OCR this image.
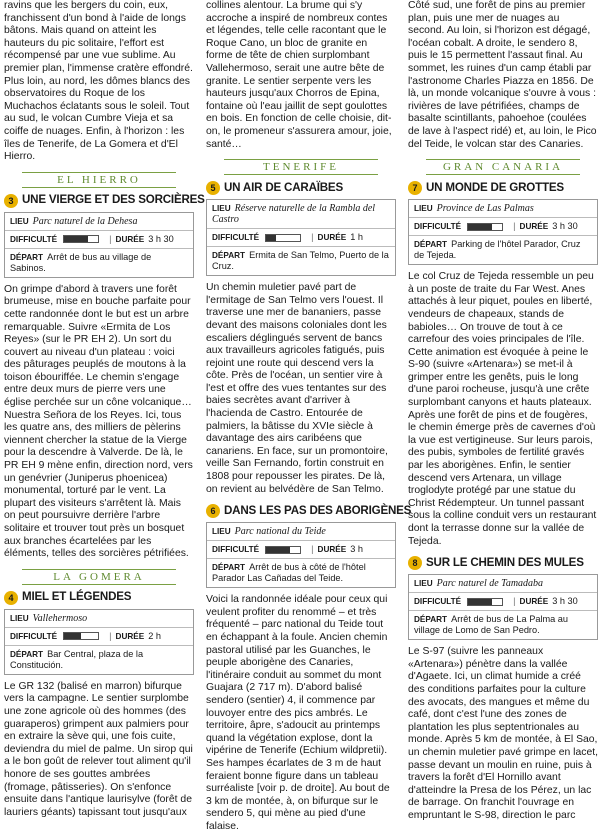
ravins que les bergers du coin, eux, franchissent d'un bond à l'aide de longs bâtons. Mais quand on atteint les hauteurs du pic solitaire, l'effort est récompensé par une vue sublime. Au premier plan, l'immense cratère effondré. Plus loin, au nord, les dômes blancs des observatoires du Roque de los Muchachos éclatants sous le soleil. Tout au sud, le volcan Cumbre Vieja et sa coiffe de nuages. Enfin, à l'horizon : les îles de Tenerife, de La Gomera et d'El Hierro.

EL HIERRO
3 UNE VIERGE ET DES SORCIÈRES
LIEU Parc naturel de la Dehesa
DIFFICULTÉ	| DURÉE 3 h 30
DÉPART Arrêt de bus au village de Sabinos.

On grimpe d'abord à travers une forêt brumeuse, mise en bouche parfaite pour cette randonnée dont le but est un arbre remarquable. Suivre «Ermita de Los Reyes» (sur le PR EH 2). Un sort du couvert au niveau d'un plateau : voici des pâturages peuplés de moutons à la toison ébouriffée. Le chemin s'engage entre deux murs de pierre vers une église perchée sur un cône volcanique… Nuestra Señora de los Reyes. Ici, tous les quatre ans, des milliers de pèlerins viennent chercher la statue de la Vierge pour la descendre à Valverde. De là, le PR EH 9 mène enfin, direction nord, vers un genévrier (Juniperus phoenicea) monumental, torturé par le vent. La plupart des visiteurs s'arrêtent là. Mais on peut poursuivre derrière l'arbre solitaire et trouver tout près un bosquet aux branches écartelées par les éléments, telles des sorcières pétrifiées.

LA GOMERA
4 MIEL ET LÉGENDES
LIEU Vallehermoso
DIFFICULTÉ	| DURÉE 2 h
DÉPART Bar Central, plaza de la Constitución.

Le GR 132 (balisé en marron) bifurque vers la campagne. Le sentier surplombe une zone agricole où des hommes (des guaraperos) grimpent aux palmiers pour en extraire la sève qui, une fois cuite, deviendra du miel de palme. Un sirop qui a le bon goût de relever tout aliment qu'il honore de ses gouttes ambrées (fromage, pâtisseries). On s'enfonce ensuite dans l'antique laurisylve (forêt de lauriers géants) tapissant tout jusqu'aux

collines alentour. La brume qui s'y accroche a inspiré de nombreux contes et légendes, telle celle racontant que le Roque Cano, un bloc de granite en forme de tête de chien surplombant Vallehermoso, serait une autre bête de granite. Le sentier serpente vers les hauteurs jusqu'aux Chorros de Epina, fontaine où l'eau jaillit de sept goulottes en bois. En fonction de celle choisie, dit-on, le promeneur s'assurera amour, joie, santé…

TENERIFE
5 UN AIR DE CARAÏBES
LIEU Réserve naturelle de la Rambla del Castro
DIFFICULTÉ	| DURÉE 1 h
DÉPART Ermita de San Telmo, Puerto de la Cruz.

Un chemin muletier pavé part de l'ermitage de San Telmo vers l'ouest. Il traverse une mer de bananiers, passe devant des maisons coloniales dont les escaliers déglingués servent de bancs aux travailleurs agricoles fatigués, puis rejoint une route qui descend vers la côte. Près de l'océan, un sentier vire à l'est et offre des vues tentantes sur des baies secrètes avant d'arriver à l'hacienda de Castro. Entourée de palmiers, la bâtisse du XVIe siècle à davantage des airs caribéens que canariens. En face, sur un promontoire, veille San Fernando, fortin construit en 1808 pour repousser les pirates. De là, on revient au belvédère de San Telmo.

6 DANS LES PAS DES ABORIGÈNES
LIEU Parc national du Teide
DIFFICULTÉ	| DURÉE 3 h
DÉPART Arrêt de bus à côté de l'hôtel Parador Las Cañadas del Teide.

Voici la randonnée idéale pour ceux qui veulent profiter du renommé – et très fréquenté – parc national du Teide tout en échappant à la foule. Ancien chemin pastoral utilisé par les Guanches, le peuple aborigène des Canaries, l'itinéraire conduit au sommet du mont Guajara (2 717 m). D'abord balisé sendero (sentier) 4, il commence par louvoyer entre des pics ambrés. Le territoire, âpre, s'adoucit au printemps quand la végétation explose, dont la vipérine de Tenerife (Echium wildpretii). Ses hampes écarlates de 3 m de haut feraient bonne figure dans un tableau surréaliste [voir p. de droite]. Au bout de 3 km de montée, à, on bifurque sur le sendero 5, qui mène au pied d'une falaise.

Côté sud, une forêt de pins au premier plan, puis une mer de nuages au second. Au loin, si l'horizon est dégagé, l'océan cobalt. A droite, le sendero 8, puis le 15 permettent l'assaut final. Au sommet, les ruines d'un camp établi par l'astronome Charles Piazza en 1856. De là, un monde volcanique s'ouvre à vous : rivières de lave pétrifiées, champs de basalte scintillants, pahoehoe (coulées de lave à l'aspect ridé) et, au loin, le Pico del Teide, le volcan star des Canaries.

GRAN CANARIA
7 UN MONDE DE GROTTES
LIEU Province de Las Palmas
DIFFICULTÉ	| DURÉE 3 h 30
DÉPART Parking de l'hôtel Parador, Cruz de Tejeda.

Le col Cruz de Tejeda ressemble un peu à un poste de traite du Far West. Anes attachés à leur piquet, poules en liberté, vendeurs de chapeaux, stands de babioles… On trouve de tout à ce carrefour des voies principales de l'île. Cette animation est évoquée à peine le S-90 (suivre «Artenara») se met-il à grimper entre les genêts, puis le long d'une paroi rocheuse, jusqu'à une crête surplombant canyons et hauts plateaux. Après une forêt de pins et de fougères, le chemin émerge près de cavernes d'où la vue est vertigineuse. Sur leurs parois, des pubis, symboles de fertilité gravés par les aborigènes. Enfin, le sentier descend vers Artenara, un village troglodyte protégé par une statue du Christ Rédempteur. Un tunnel passant sous la colline conduit vers un restaurant dont la terrasse donne sur la vallée de Tejeda.

8 SUR LE CHEMIN DES MULES
LIEU Parc naturel de Tamadaba
DIFFICULTÉ	| DURÉE 3 h 30
DÉPART Arrêt de bus de La Palma au village de Lomo de San Pedro.

Le S-97 (suivre les panneaux «Artenara») pénètre dans la vallée d'Agaete. Ici, un climat humide a créé des conditions parfaites pour la culture des avocats, des mangues et même du café, dont c'est l'une des zones de plantation les plus septentrionales au monde. Après 5 km de montée, à El Sao, un chemin muletier pavé grimpe en lacet, passe devant un moulin en ruine, puis à travers la forêt d'El Hornillo avant d'atteindre la Presa de los Pérez, un lac de barrage. On franchit l'ouvrage en empruntant le S-98, direction le parc
